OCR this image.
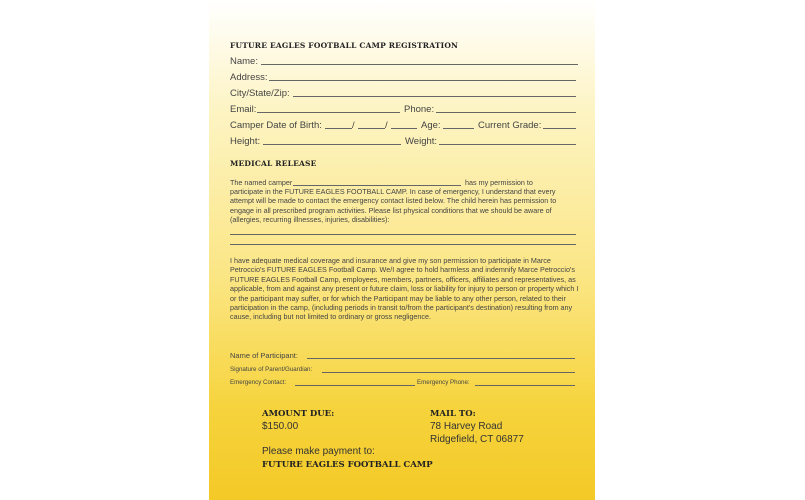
FUTURE EAGLES FOOTBALL CAMP REGISTRATION
Name:
Address:
City/State/Zip:
Email:	Phone:
Camper Date of Birth:	/	/	Age:	Current Grade:
Height:	Weight:
MEDICAL RELEASE
The named camper	has my permission to
participate in the FUTURE EAGLES FOOTBALL CAMP. In case of emergency, I understand that every attempt will be made to contact the emergency contact listed below. The child herein has permission to engage in all prescribed program activities. Please list physical conditions that we should be aware of (allergies, recurring illnesses, injuries, disabilities):
I have adequate medical coverage and insurance and give my son permission to participate in Marce Petroccio's FUTURE EAGLES Football Camp. We/I agree to hold harmless and indemnify Marce Petroccio's FUTURE EAGLES Football Camp, employees, members, partners, officers, affiliates and representatives, as applicable, from and against any present or future claim, loss or liability for injury to person or property which I or the participant may suffer, or for which the Participant may be liable to any other person, related to their participation in the camp, (including periods in transit to/from the participant's destination) resulting from any cause, including but not limited to ordinary or gross negligence.
Name of Participant:
Signature of Parent/Guardian:
Emergency Contact:	Emergency Phone:
AMOUNT DUE:
$150.00
MAIL TO:
78 Harvey Road
Ridgefield, CT 06877
Please make payment to:
FUTURE EAGLES FOOTBALL CAMP
